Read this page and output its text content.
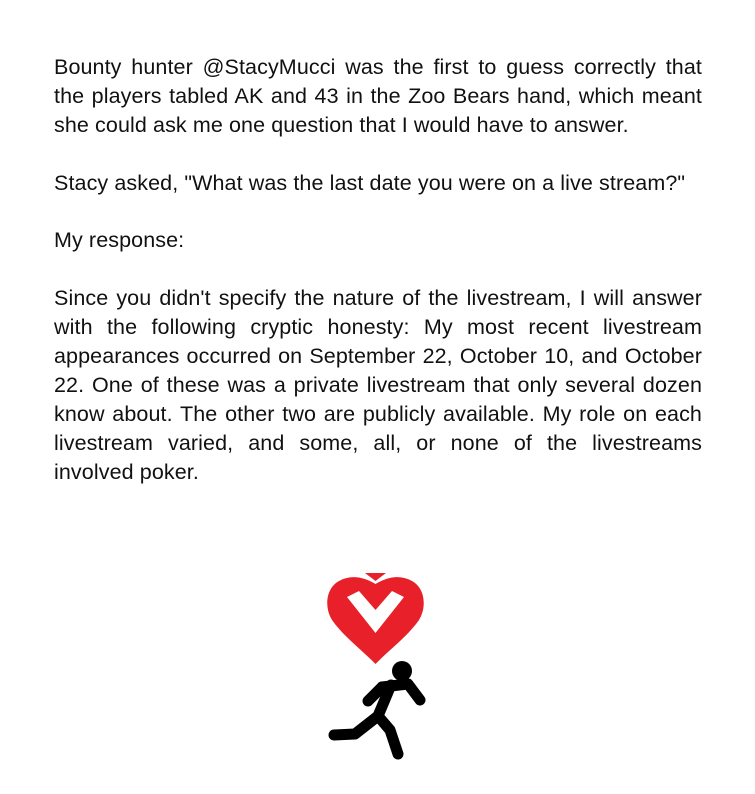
Bounty hunter @StacyMucci was the first to guess correctly that the players tabled AK and 43 in the Zoo Bears hand, which meant she could ask me one question that I would have to answer.

Stacy asked, "What was the last date you were on a live stream?"

My response:

Since you didn't specify the nature of the livestream, I will answer with the following cryptic honesty: My most recent livestream appearances occurred on September 22, October 10, and October 22. One of these was a private livestream that only several dozen know about. The other two are publicly available. My role on each livestream varied, and some, all, or none of the livestreams involved poker.
